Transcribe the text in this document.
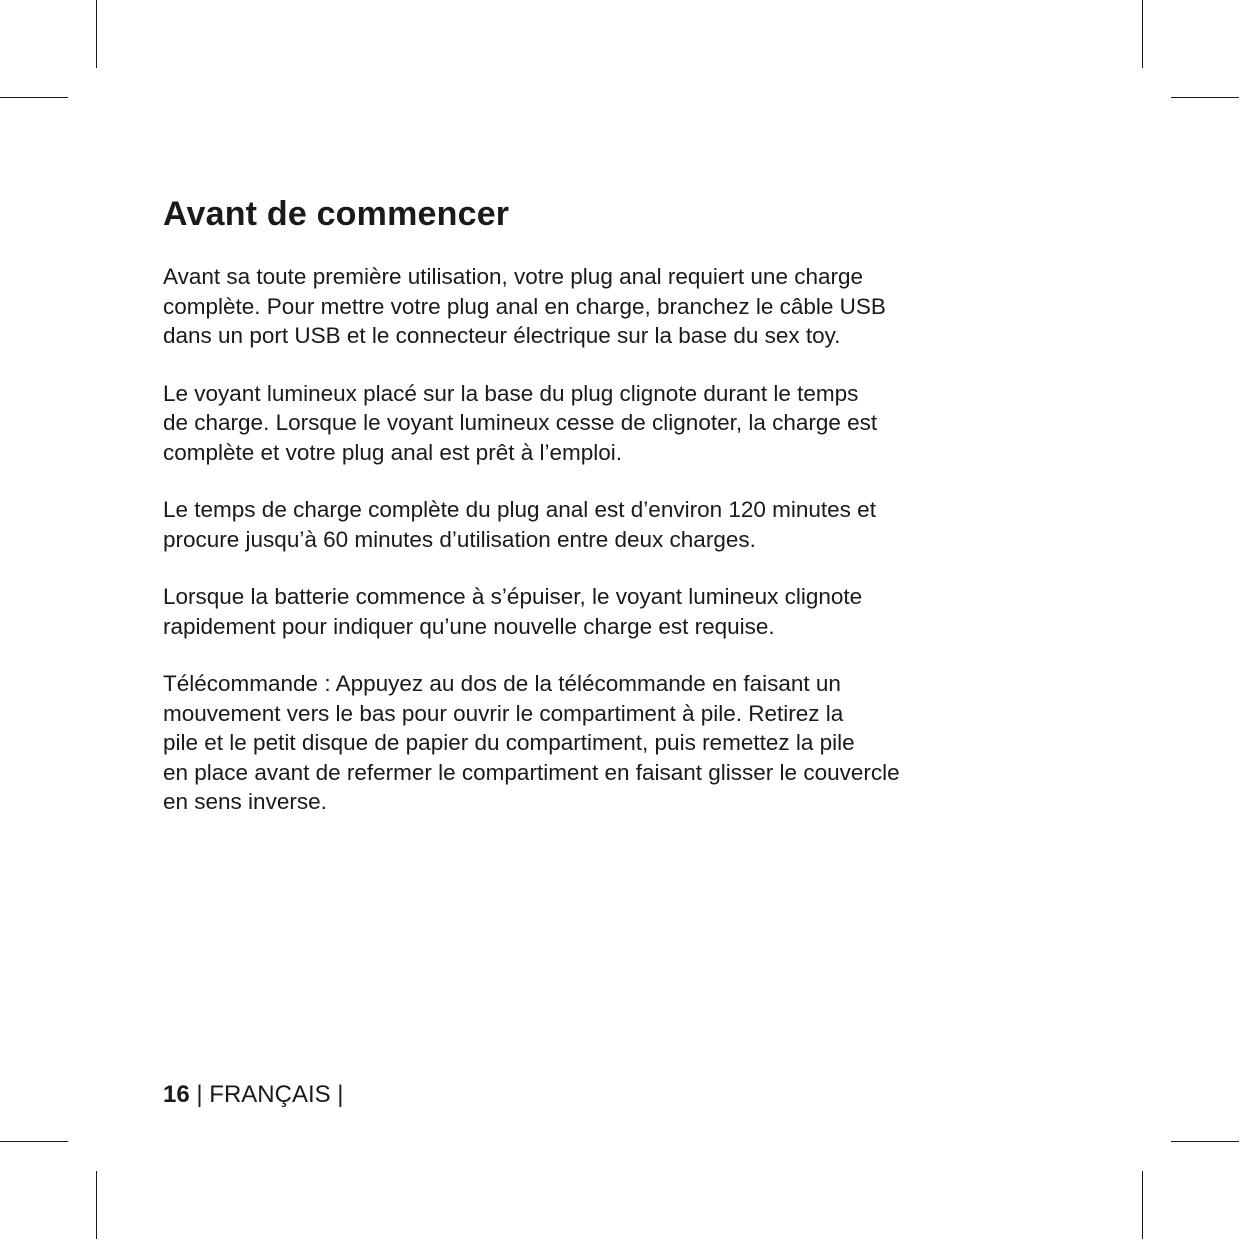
Avant de commencer

Avant sa toute première utilisation, votre plug anal requiert une charge
complète. Pour mettre votre plug anal en charge, branchez le câble USB
dans un port USB et le connecteur électrique sur la base du sex toy.

Le voyant lumineux placé sur la base du plug clignote durant le temps
de charge. Lorsque le voyant lumineux cesse de clignoter, la charge est
complète et votre plug anal est prêt à l’emploi.

Le temps de charge complète du plug anal est d’environ 120 minutes et
procure jusqu’à 60 minutes d’utilisation entre deux charges.

Lorsque la batterie commence à s’épuiser, le voyant lumineux clignote
rapidement pour indiquer qu’une nouvelle charge est requise.

Télécommande : Appuyez au dos de la télécommande en faisant un
mouvement vers le bas pour ouvrir le compartiment à pile. Retirez la
pile et le petit disque de papier du compartiment, puis remettez la pile
en place avant de refermer le compartiment en faisant glisser le couvercle
en sens inverse.

16 | FRANÇAIS |
